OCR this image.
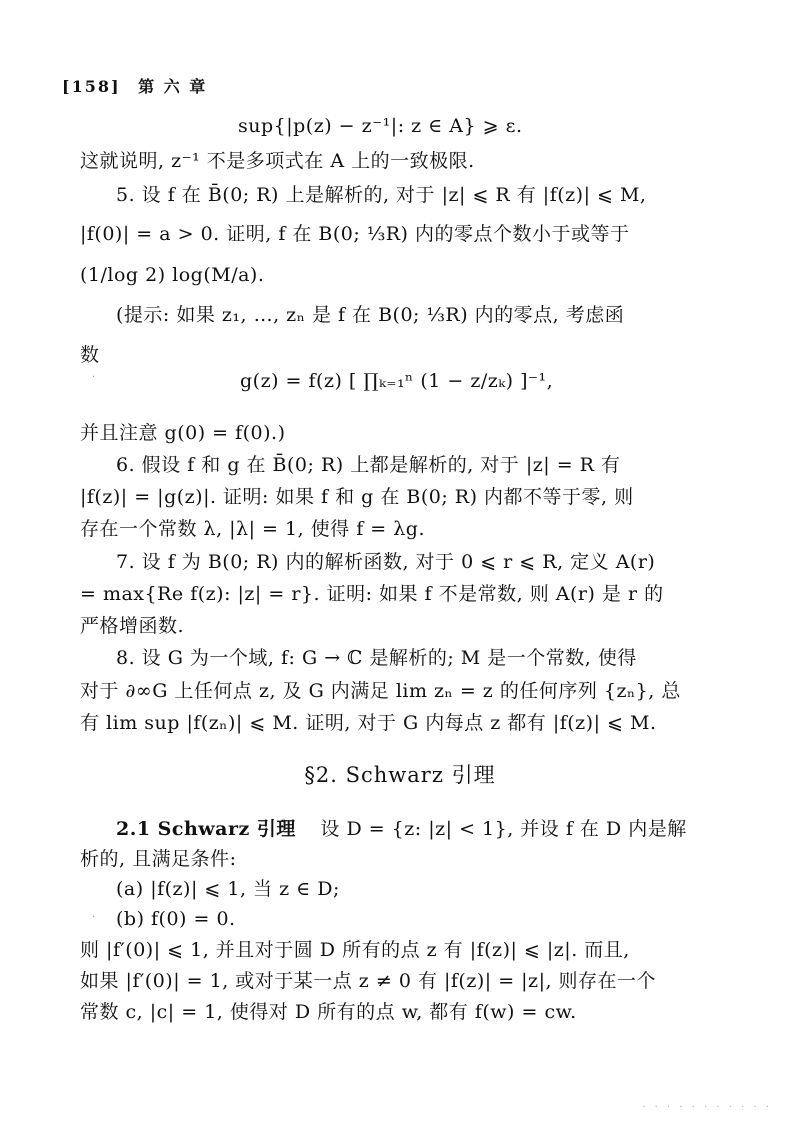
[158] 第 六 章
sup{|p(z) − z⁻¹|: z ∈ A} ⩾ ε.
这就说明, z⁻¹ 不是多项式在 A 上的一致极限.
5. 设 f 在 B̄(0; R) 上是解析的, 对于 |z| ⩽ R 有 |f(z)| ⩽ M,
|f(0)| = a > 0. 证明, f 在 B(0; ⅓R) 内的零点个数小于或等于
(1/log 2) log(M/a).
(提示: 如果 z₁, …, zₙ 是 f 在 B(0; ⅓R) 内的零点, 考虑函
数
g(z) = f(z) [ ∏ₖ₌₁ⁿ (1 − z/zₖ) ]⁻¹,
并且注意 g(0) = f(0).)
6. 假设 f 和 g 在 B̄(0; R) 上都是解析的, 对于 |z| = R 有
|f(z)| = |g(z)|. 证明: 如果 f 和 g 在 B(0; R) 内都不等于零, 则
存在一个常数 λ, |λ| = 1, 使得 f = λg.
7. 设 f 为 B(0; R) 内的解析函数, 对于 0 ⩽ r ⩽ R, 定义 A(r)
= max{Re f(z): |z| = r}. 证明: 如果 f 不是常数, 则 A(r) 是 r 的
严格增函数.
8. 设 G 为一个域, f: G → ℂ 是解析的; M 是一个常数, 使得
对于 ∂∞G 上任何点 z, 及 G 内满足 lim zₙ = z 的任何序列 {zₙ}, 总
有 lim sup |f(zₙ)| ⩽ M. 证明, 对于 G 内每点 z 都有 |f(z)| ⩽ M.
§2. Schwarz 引理
2.1 Schwarz 引理 设 D = {z: |z| < 1}, 并设 f 在 D 内是解
析的, 且满足条件:
(a) |f(z)| ⩽ 1, 当 z ∈ D;
(b) f(0) = 0.
则 |f′(0)| ⩽ 1, 并且对于圆 D 所有的点 z 有 |f(z)| ⩽ |z|. 而且,
如果 |f′(0)| = 1, 或对于某一点 z ≠ 0 有 |f(z)| = |z|, 则存在一个
常数 c, |c| = 1, 使得对 D 所有的点 w, 都有 f(w) = cw.
·
·
. . . . . . . . . . .
